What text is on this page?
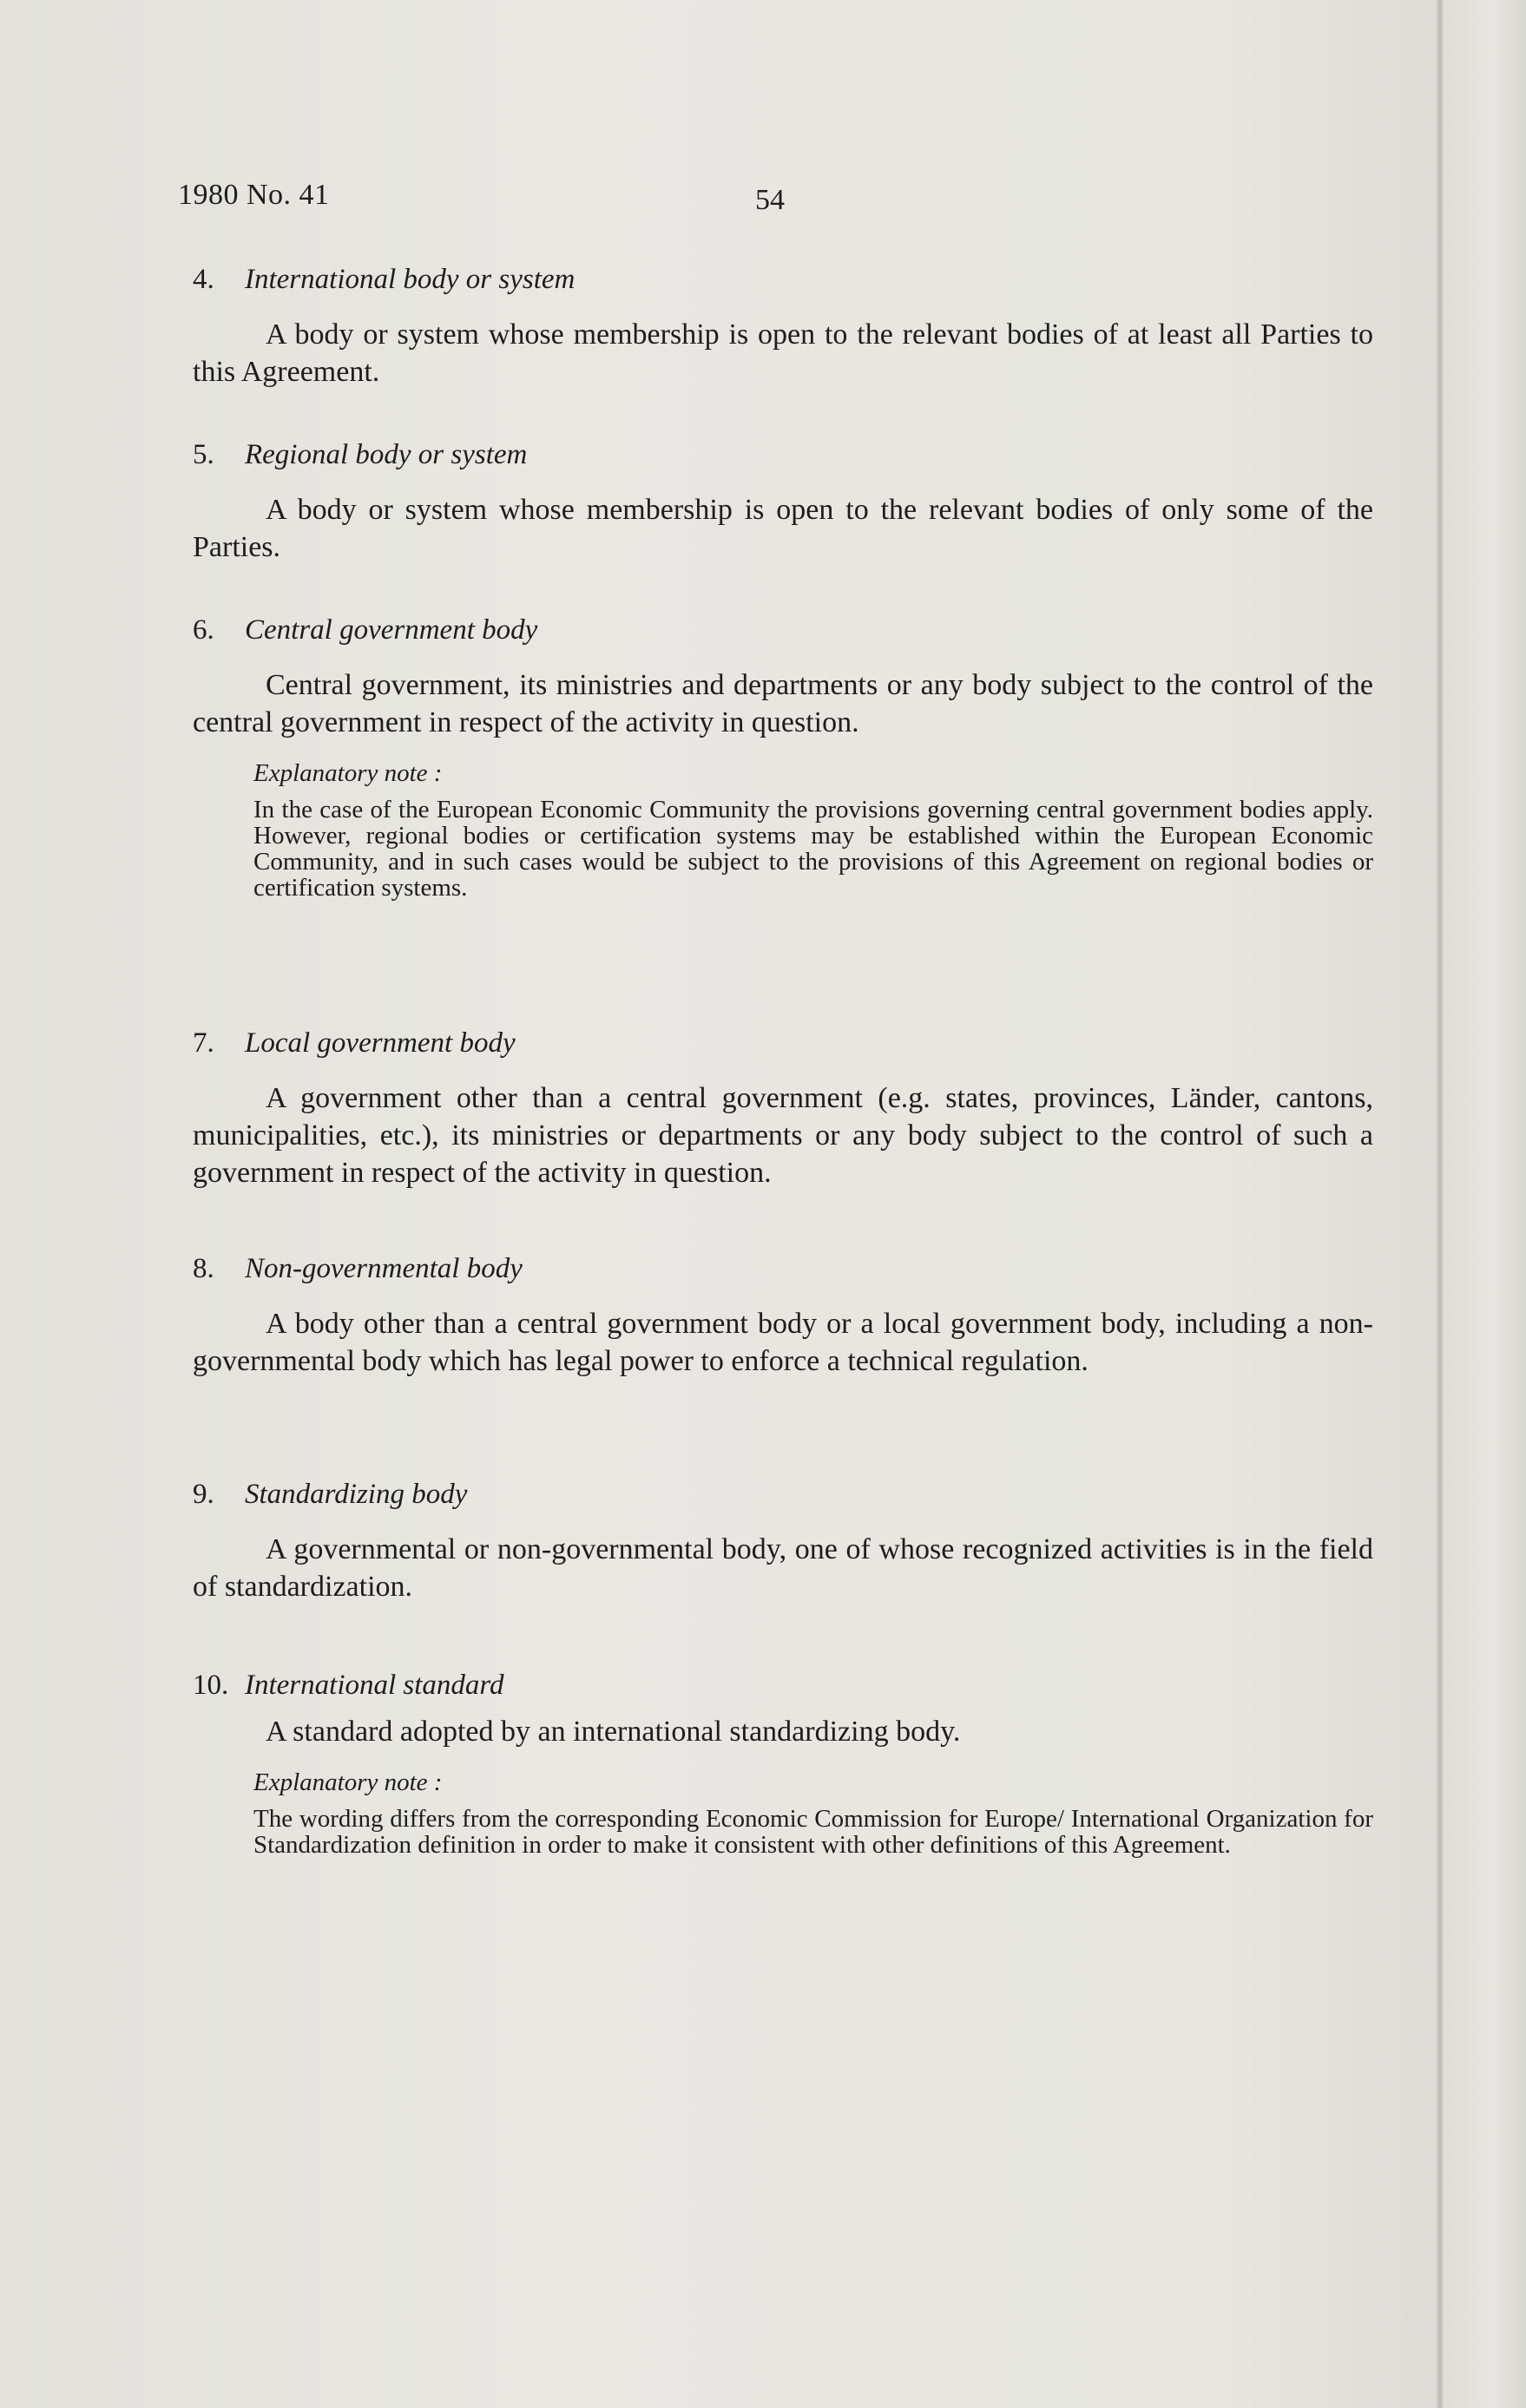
1980 No. 41	54
4. International body or system
A body or system whose membership is open to the relevant bodies of at least all Parties to this Agreement.
5. Regional body or system
A body or system whose membership is open to the relevant bodies of only some of the Parties.
6. Central government body
Central government, its ministries and departments or any body subject to the control of the central government in respect of the activity in question.
Explanatory note :
In the case of the European Economic Community the provisions governing central government bodies apply. However, regional bodies or certification systems may be established within the European Economic Community, and in such cases would be subject to the provisions of this Agreement on regional bodies or certification systems.
7. Local government body
A government other than a central government (e.g. states, provinces, Länder, cantons, municipalities, etc.), its ministries or departments or any body subject to the control of such a government in respect of the activity in question.
8. Non-governmental body
A body other than a central government body or a local government body, including a non-governmental body which has legal power to enforce a technical regulation.
9. Standardizing body
A governmental or non-governmental body, one of whose recognized activities is in the field of standardization.
10. International standard
A standard adopted by an international standardizing body.
Explanatory note :
The wording differs from the corresponding Economic Commission for Europe/ International Organization for Standardization definition in order to make it consistent with other definitions of this Agreement.
